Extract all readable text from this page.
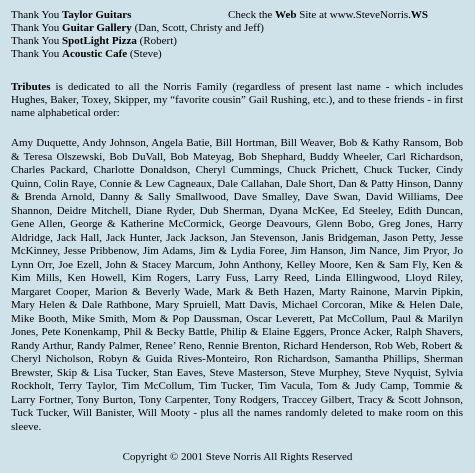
Thank You Taylor Guitars
Thank You Guitar Gallery (Dan, Scott, Christy and Jeff)
Thank You SpotLight Pizza (Robert)
Thank You Acoustic Cafe (Steve)
Check the Web Site at www.SteveNorris.WS
Tributes is dedicated to all the Norris Family (regardless of present last name - which includes Hughes, Baker, Toxey, Skipper, my “favorite cousin” Gail Rushing, etc.), and to these friends - in first name alphabetical order:
Amy Duquette, Andy Johnson, Angela Batie, Bill Hortman, Bill Weaver, Bob & Kathy Ransom, Bob & Teresa Olszewski, Bob DuVall, Bob Mateyag, Bob Shephard, Buddy Wheeler, Carl Richardson, Charles Packard, Charlotte Donaldson, Cheryl Cummings, Chuck Prichett, Chuck Tucker, Cindy Quinn, Colin Raye, Connie & Lew Cagneaux, Dale Callahan, Dale Short, Dan & Patty Hinson, Danny & Brenda Arnold, Danny & Sally Smallwood, Dave Smalley, Dave Swan, David Williams, Dee Shannon, Deidre Mitchell, Diane Ryder, Dub Sherman, Dyana McKee, Ed Steeley, Edith Duncan, Gene Allen, George & Katherine McCormick, George Deavours, Glenn Bobo, Greg Jones, Harry Aldridge, Jack Hall, Jack Hunter, Jack Jackson, Jan Stevenson, Janis Bridgeman, Jason Petty, Jesse McKinney, Jesse Pribbenow, Jim Adams, Jim & Lydia Foree, Jim Hanson, Jim Nance, Jim Pryor, Jo Lynn Orr, Joe Ezell, John & Stacey Marcum, John Anthony, Kelley Moore, Ken & Sam Fly, Ken & Kim Mills, Ken Howell, Kim Rogers, Larry Fuss, Larry Reed, Linda Ellingwood, Lloyd Riley, Margaret Cooper, Marion & Beverly Wade, Mark & Beth Hazen, Marty Rainone, Marvin Pipkin, Mary Helen & Dale Rathbone, Mary Spruiell, Matt Davis, Michael Corcoran, Mike & Helen Dale, Mike Booth, Mike Smith, Mom & Pop Daussman, Oscar Leverett, Pat McCollum, Paul & Marilyn Jones, Pete Konenkamp, Phil & Becky Battle, Philip & Elaine Eggers, Pronce Acker, Ralph Shavers, Randy Arthur, Randy Palmer, Renee’ Reno, Rennie Brenton, Richard Henderson, Rob Web, Robert & Cheryl Nicholson, Robyn & Guida Rives-Monteiro, Ron Richardson, Samantha Phillips, Sherman Brewster, Skip & Lisa Tucker, Stan Eaves, Steve Masterson, Steve Murphey, Steve Nyquist, Sylvia Rockholt, Terry Taylor, Tim McCollum, Tim Tucker, Tim Vacula, Tom & Judy Camp, Tommie & Larry Fortner, Tony Burton, Tony Carpenter, Tony Rodgers, Traccey Gilbert, Tracy & Scott Johnson, Tuck Tucker, Will Banister, Will Mooty - plus all the names randomly deleted to make room on this sleeve.
Copyright © 2001 Steve Norris All Rights Reserved
